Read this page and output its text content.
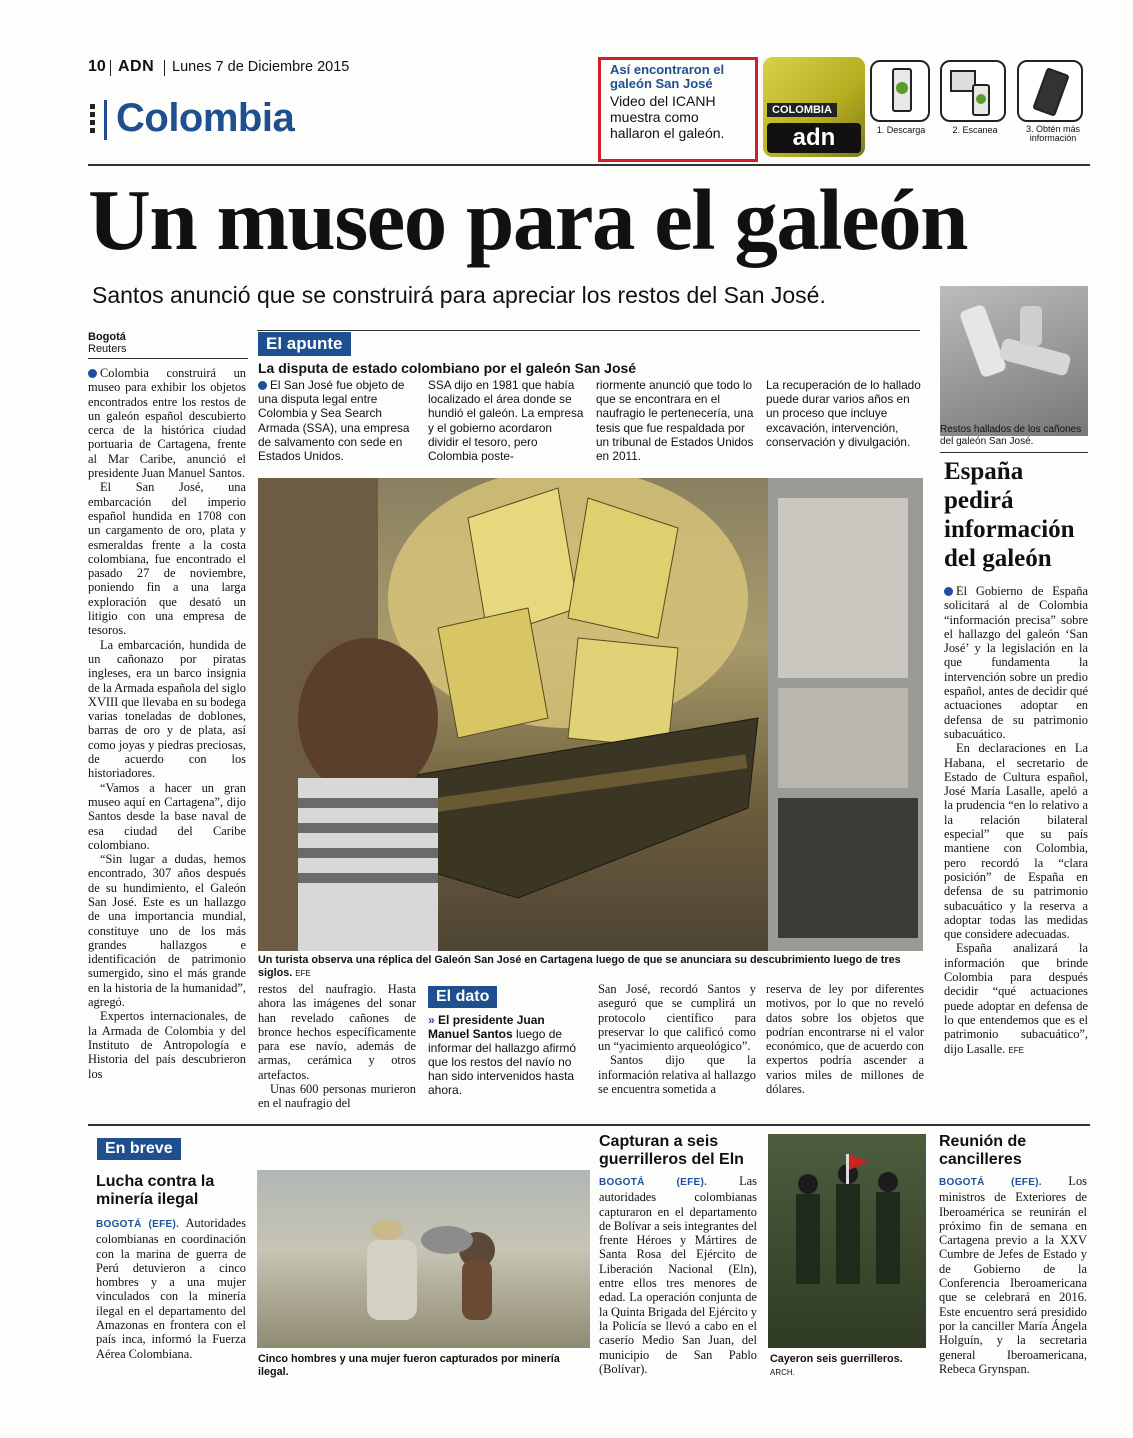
10 ADN Lunes 7 de Diciembre 2015
Colombia
Así encontraron el galeón San José
Video del ICANH muestra como hallaron el galeón.
COLOMBIA
adn	1. Descarga	2. Escanea	3. Obtén más información
Un museo para el galeón
Santos anunció que se construirá para apreciar los restos del San José.
Bogotá
Reuters

Colombia construirá un museo para exhibir los objetos encontrados entre los restos de un galeón español descubierto cerca de la histórica ciudad portuaria de Cartagena, frente al Mar Caribe, anunció el presidente Juan Manuel Santos.

El San José, una embarcación del imperio español hundida en 1708 con un cargamento de oro, plata y esmeraldas frente a la costa colombiana, fue encontrado el pasado 27 de noviembre, poniendo fin a una larga exploración que desató un litigio con una empresa de tesoros.

La embarcación, hundida de un cañonazo por piratas ingleses, era un barco insignia de la Armada española del siglo XVIII que llevaba en su bodega varias toneladas de doblones, barras de oro y de plata, así como joyas y piedras preciosas, de acuerdo con los historiadores.

“Vamos a hacer un gran museo aquí en Cartagena”, dijo Santos desde la base naval de esa ciudad del Caribe colombiano.

“Sin lugar a dudas, hemos encontrado, 307 años después de su hundimiento, el Galeón San José. Este es un hallazgo de una importancia mundial, constituye uno de los más grandes hallazgos e identificación de patrimonio sumergido, sino el más grande en la historia de la humanidad”, agregó.

Expertos internacionales, de la Armada de Colombia y del Instituto de Antropología e Historia del país descubrieron los

El apunte
La disputa de estado colombiano por el galeón San José
El San José fue objeto de una disputa legal entre Colombia y Sea Search Armada (SSA), una empresa de salvamento con sede en Estados Unidos.
SSA dijo en 1981 que había localizado el área donde se hundió el galeón. La empresa y el gobierno acordaron dividir el tesoro, pero Colombia poste-
riormente anunció que todo lo que se encontrara en el naufragio le pertenecería, una tesis que fue respaldada por un tribunal de Estados Unidos en 2011.
La recuperación de lo hallado puede durar varios años en un proceso que incluye excavación, intervención, conservación y divulgación.
Un turista observa una réplica del Galeón San José en Cartagena luego de que se anunciara su descubrimiento luego de tres siglos. EFE

restos del naufragio. Hasta ahora las imágenes del sonar han revelado cañones de bronce hechos específicamente para ese navío, además de armas, cerámica y otros artefactos.

Unas 600 personas murieron en el naufragio del

El dato
» El presidente Juan Manuel Santos luego de informar del hallazgo afirmó que los restos del navío no han sido intervenidos hasta ahora.

San José, recordó Santos y aseguró que se cumplirá un protocolo científico para preservar lo que calificó como un “yacimiento arqueológico”.

Santos dijo que la información relativa al hallazgo se encuentra sometida a

reserva de ley por diferentes motivos, por lo que no reveló datos sobre los objetos que podrían encontrarse ni el valor económico, que de acuerdo con expertos podría ascender a varios miles de millones de dólares.

Restos hallados de los cañones del galeón San José.
España pedirá información del galeón

El Gobierno de España solicitará al de Colombia “información precisa” sobre el hallazgo del galeón ‘San José’ y la legislación en la que fundamenta la intervención sobre un predio español, antes de decidir qué actuaciones adoptar en defensa de su patrimonio subacuático.

En declaraciones en La Habana, el secretario de Estado de Cultura español, José María Lasalle, apeló a la prudencia “en lo relativo a la relación bilateral especial” que su país mantiene con Colombia, pero recordó la “clara posición” de España en defensa de su patrimonio subacuático y la reserva a adoptar todas las medidas que considere adecuadas.

España analizará la información que brinde Colombia para después decidir “qué actuaciones puede adoptar en defensa de lo que entendemos que es el patrimonio subacuático”, dijo Lasalle. EFE

En breve
Lucha contra la minería ilegal

BOGOTÁ (EFE). Autoridades colombianas en coordinación con la marina de guerra de Perú detuvieron a cinco hombres y a una mujer vinculados con la minería ilegal en el departamento del Amazonas en frontera con el país inca, informó la Fuerza Aérea Colombiana.	Cinco hombres y una mujer fueron capturados por minería ilegal.
Capturan a seis guerrilleros del Eln

BOGOTÁ (EFE).	Las autoridades colombianas capturaron en el departamento de Bolívar a seis integrantes del frente Héroes y Mártires de Santa Rosa del Ejército de Liberación Nacional (Eln), entre ellos tres menores de edad. La operación conjunta de la Quinta Brigada del Ejército y la Policía se llevó a cabo en el caserío Medio San Juan, del municipio de San Pablo (Bolívar).

Cayeron seis guerrilleros. ARCH.
Reunión de cancilleres

BOGOTÁ (EFE). Los ministros de Exteriores de Iberoamérica se reunirán el próximo fin de semana en Cartagena previo a la XXV Cumbre de Jefes de Estado y de Gobierno de la Conferencia Iberoamericana que se celebrará en 2016. Este encuentro será presidido por la canciller María Ángela Holguín, y la secretaria general Iberoamericana, Rebeca Grynspan.
